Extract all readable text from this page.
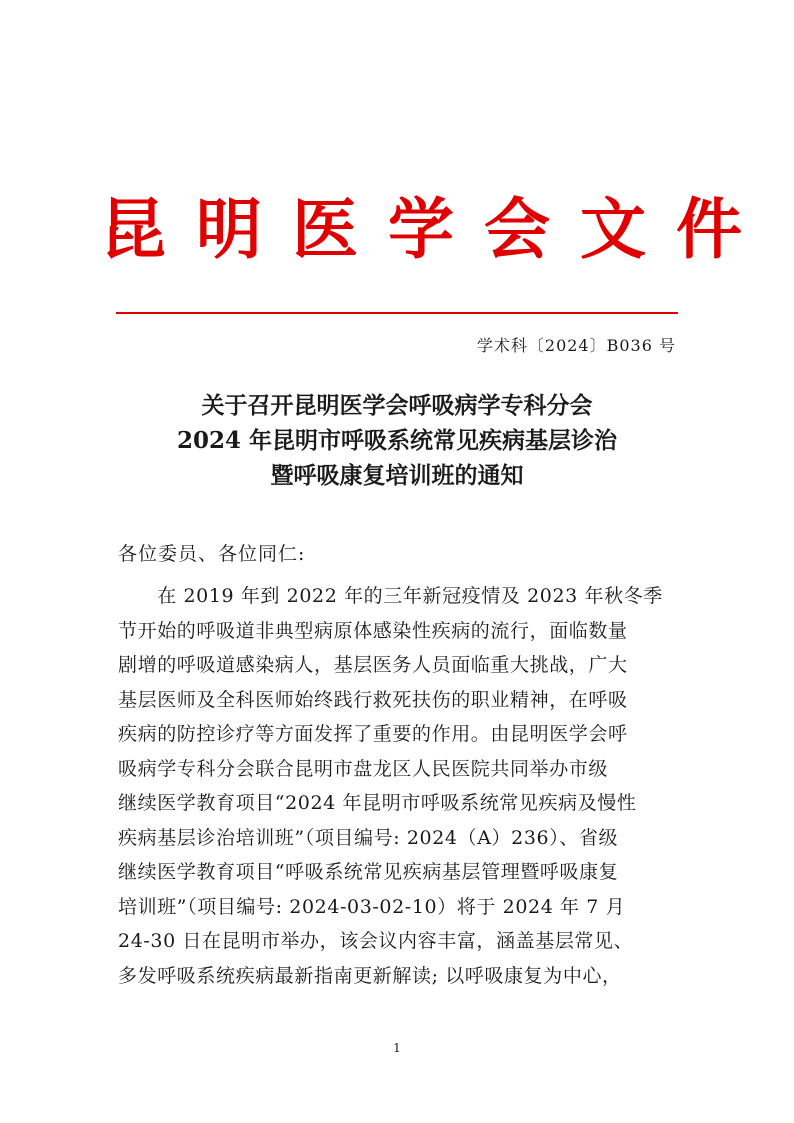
昆明医学会文件
学术科〔2024〕B036 号
关于召开昆明医学会呼吸病学专科分会
2024 年昆明市呼吸系统常见疾病基层诊治
暨呼吸康复培训班的通知
各位委员、各位同仁:
　　在 2019 年到 2022 年的三年新冠疫情及 2023 年秋冬季
节开始的呼吸道非典型病原体感染性疾病的流行，面临数量
剧增的呼吸道感染病人，基层医务人员面临重大挑战，广大
基层医师及全科医师始终践行救死扶伤的职业精神，在呼吸
疾病的防控诊疗等方面发挥了重要的作用。由昆明医学会呼
吸病学专科分会联合昆明市盘龙区人民医院共同举办市级
继续医学教育项目“2024 年昆明市呼吸系统常见疾病及慢性
疾病基层诊治培训班”（项目编号: 2024（A）236）、省级
继续医学教育项目“呼吸系统常见疾病基层管理暨呼吸康复
培训班”（项目编号: 2024-03-02-10）将于 2024 年 7 月
24-30 日在昆明市举办，该会议内容丰富，涵盖基层常见、
多发呼吸系统疾病最新指南更新解读; 以呼吸康复为中心，
1
